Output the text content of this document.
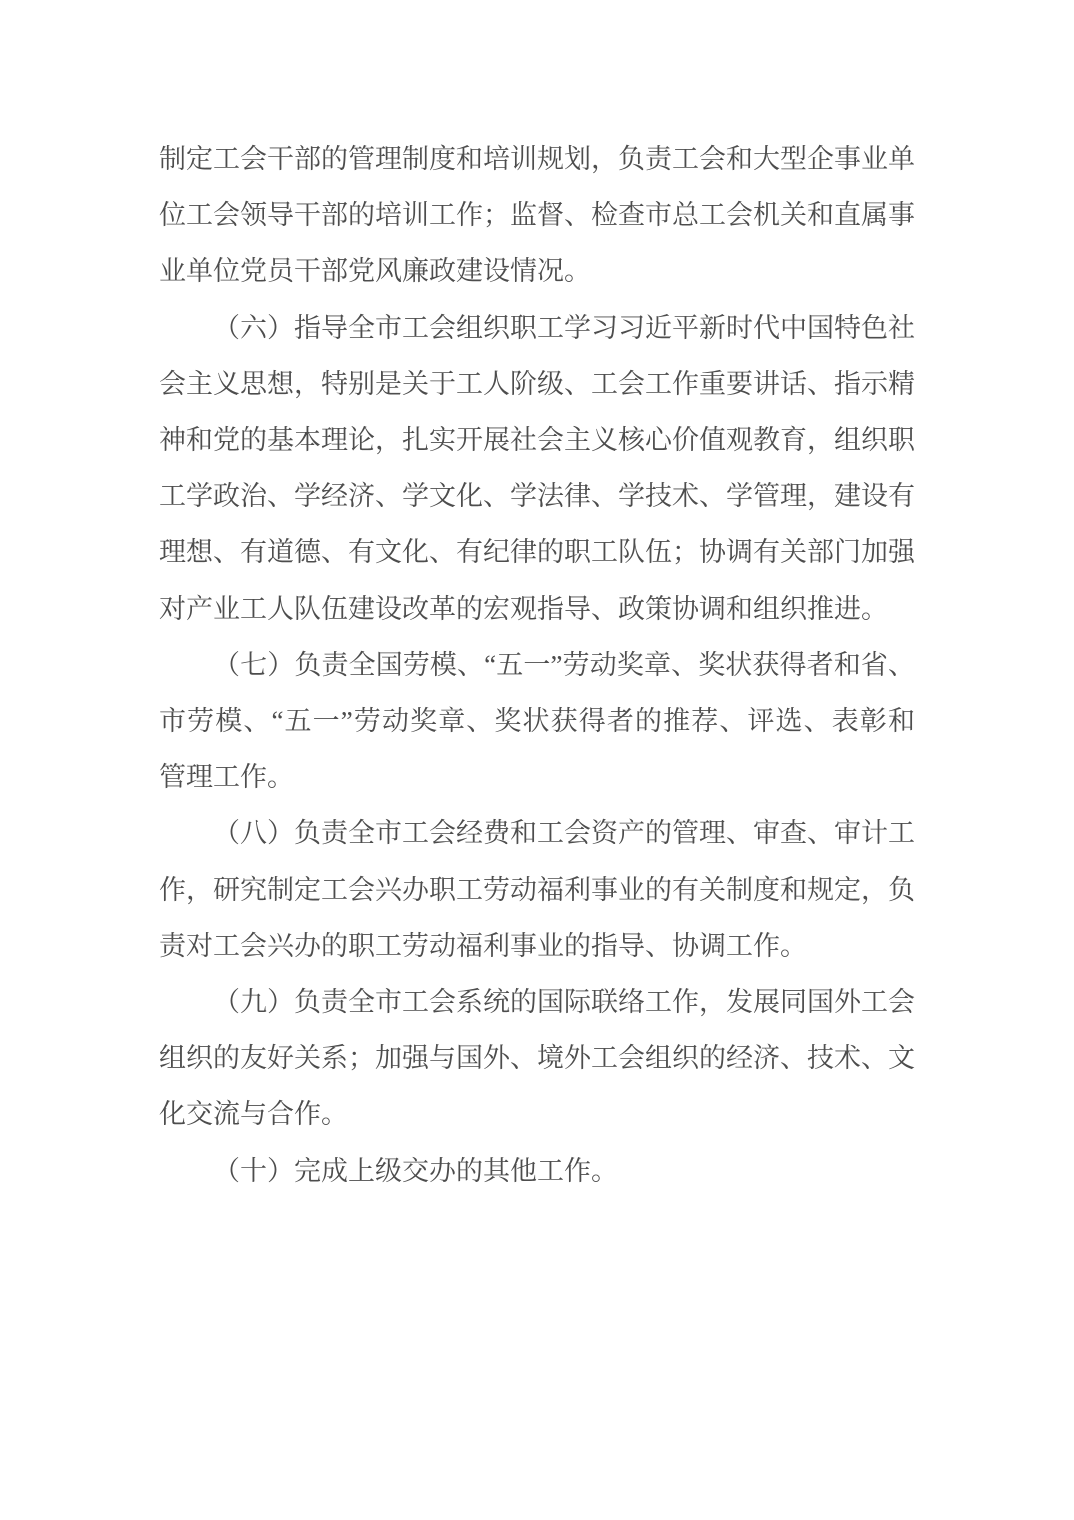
制定工会干部的管理制度和培训规划，负责工会和大型企事业单
位工会领导干部的培训工作；监督、检查市总工会机关和直属事
业单位党员干部党风廉政建设情况。
（六）指导全市工会组织职工学习习近平新时代中国特色社
会主义思想，特别是关于工人阶级、工会工作重要讲话、指示精
神和党的基本理论，扎实开展社会主义核心价值观教育，组织职
工学政治、学经济、学文化、学法律、学技术、学管理，建设有
理想、有道德、有文化、有纪律的职工队伍；协调有关部门加强
对产业工人队伍建设改革的宏观指导、政策协调和组织推进。
（七）负责全国劳模、“五一”劳动奖章、奖状获得者和省、
市劳模、“五一”劳动奖章、奖状获得者的推荐、评选、表彰和
管理工作。
（八）负责全市工会经费和工会资产的管理、审查、审计工
作，研究制定工会兴办职工劳动福利事业的有关制度和规定，负
责对工会兴办的职工劳动福利事业的指导、协调工作。
（九）负责全市工会系统的国际联络工作，发展同国外工会
组织的友好关系；加强与国外、境外工会组织的经济、技术、文
化交流与合作。
（十）完成上级交办的其他工作。
